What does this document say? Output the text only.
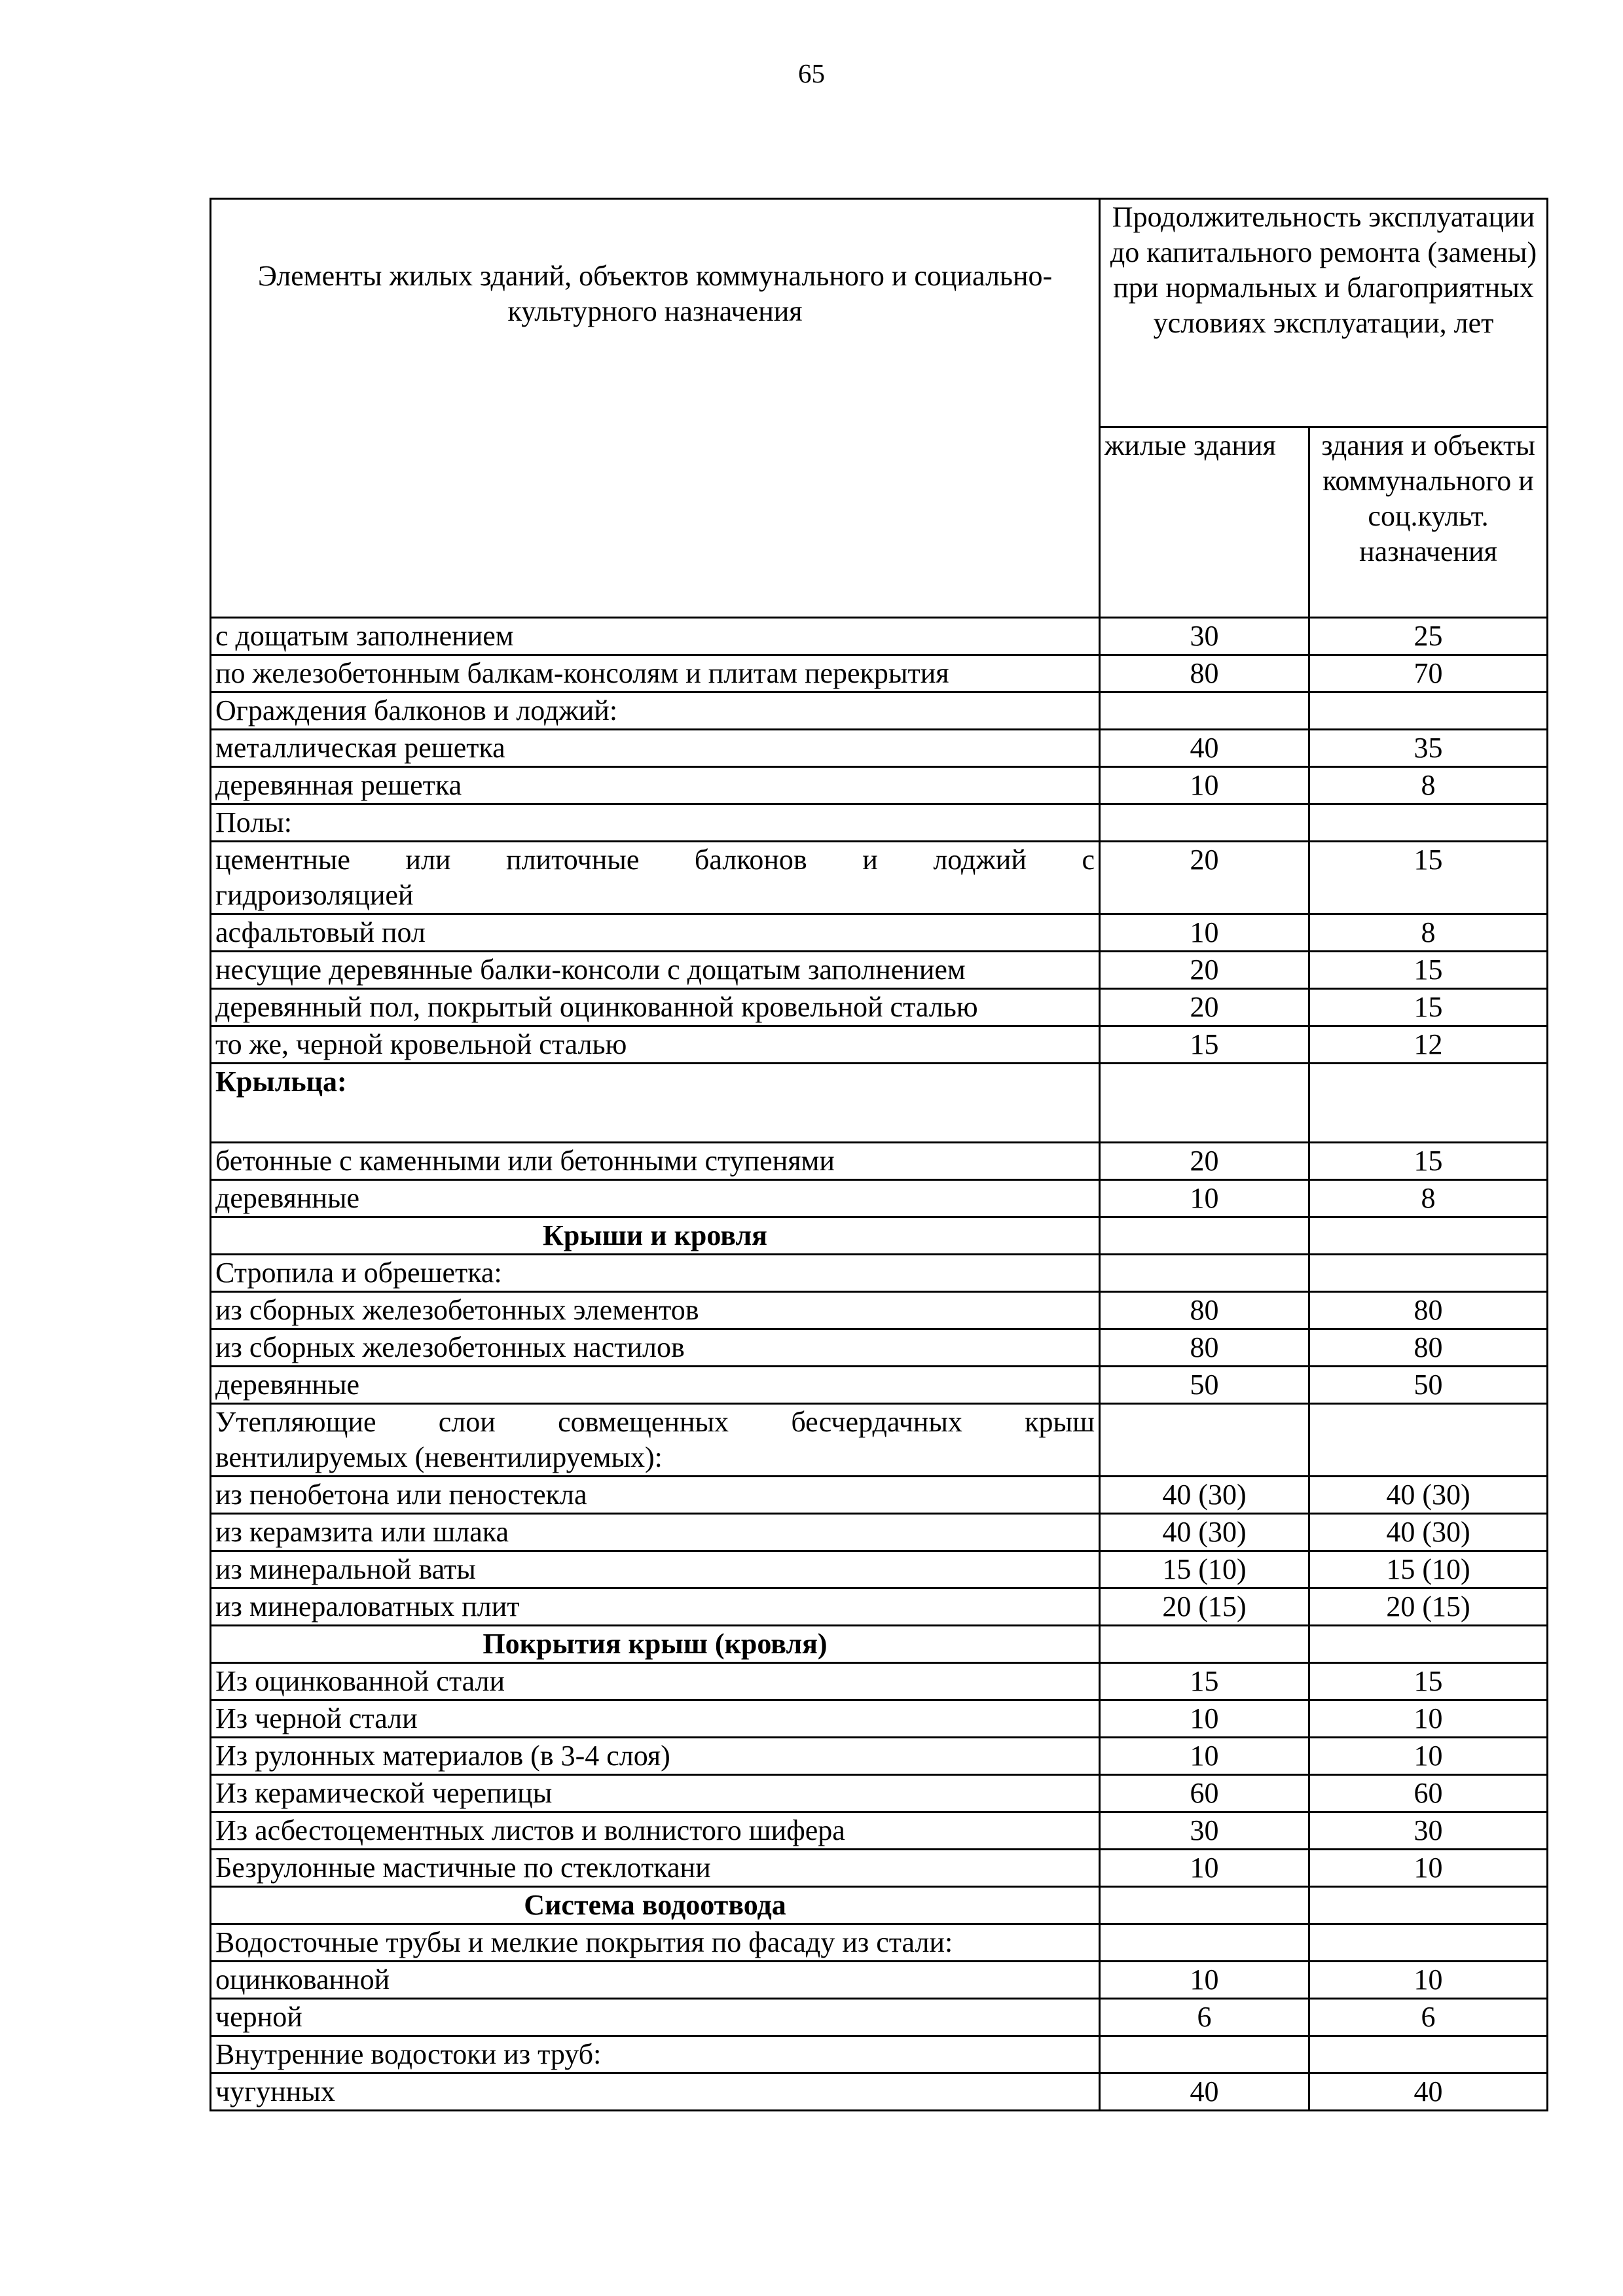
65
Элементы жилых зданий, объектов коммунального и социально-культурного назначения	Продолжительность эксплуатации до капитального ремонта (замены) при нормальных и благоприятных условиях эксплуатации, лет	
	жилые здания	здания и объекты коммунального и соц.культ. назначения
с дощатым заполнением	30	25
по железобетонным балкам-консолям и плитам перекрытия	80	70
Ограждения балконов и лоджий:		
металлическая решетка	40	35
деревянная решетка	10	8
Полы:		

цементные или плиточные балконов и лоджий с
гидроизоляцией	20	15
асфальтовый пол	10	8
несущие деревянные балки-консоли с дощатым заполнением	20	15
деревянный пол, покрытый оцинкованной кровельной сталью	20	15
то же, черной кровельной сталью	15	12
Крыльца:		
бетонные с каменными или бетонными ступенями	20	15
деревянные	10	8
Крыши и кровля		
Стропила и обрешетка:		
из сборных железобетонных элементов	80	80
из сборных железобетонных настилов	80	80
деревянные	50	50

Утепляющие слои совмещенных бесчердачных крыш
вентилируемых (невентилируемых):		
из пенобетона или пеностекла	40 (30)	40 (30)
из керамзита или шлака	40 (30)	40 (30)
из минеральной ваты	15 (10)	15 (10)
из минераловатных плит	20 (15)	20 (15)
Покрытия крыш (кровля)		
Из оцинкованной стали	15	15
Из черной стали	10	10
Из рулонных материалов (в 3-4 слоя)	10	10
Из керамической черепицы	60	60
Из асбестоцементных листов и волнистого шифера	30	30
Безрулонные мастичные по стеклоткани	10	10
Система водоотвода		
Водосточные трубы и мелкие покрытия по фасаду из стали:		
оцинкованной	10	10
черной	6	6
Внутренние водостоки из труб:		
чугунных	40	40
